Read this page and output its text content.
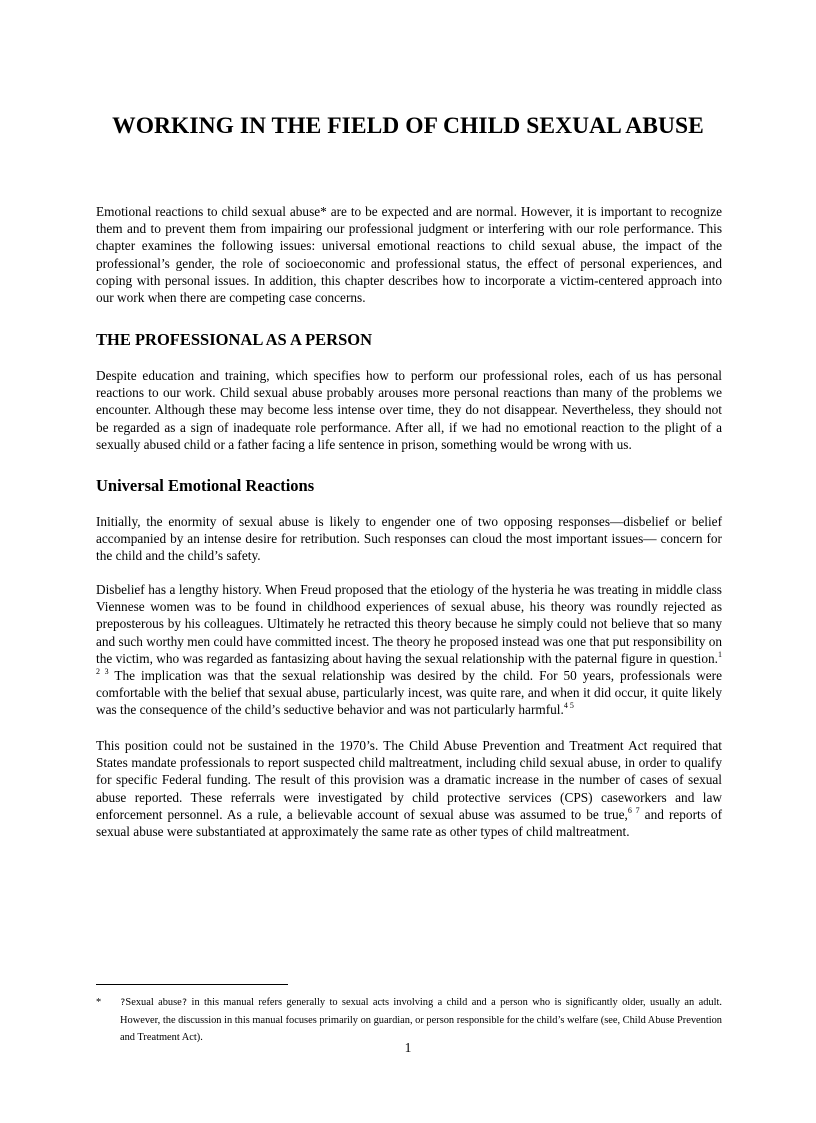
WORKING IN THE FIELD OF CHILD SEXUAL ABUSE

Emotional reactions to child sexual abuse* are to be expected and are normal. However, it is important to recognize them and to prevent them from impairing our professional judgment or interfering with our role performance. This chapter examines the following issues: universal emotional reactions to child sexual abuse, the impact of the professional’s gender, the role of socioeconomic and professional status, the effect of personal experiences, and coping with personal issues. In addition, this chapter describes how to incorporate a victim-centered approach into our work when there are competing case concerns.

THE PROFESSIONAL AS A PERSON

Despite education and training, which specifies how to perform our professional roles, each of us has personal reactions to our work. Child sexual abuse probably arouses more personal reactions than many of the problems we encounter. Although these may become less intense over time, they do not disappear. Nevertheless, they should not be regarded as a sign of inadequate role performance. After all, if we had no emotional reaction to the plight of a sexually abused child or a father facing a life sentence in prison, something would be wrong with us.

Universal Emotional Reactions

Initially, the enormity of sexual abuse is likely to engender one of two opposing responses—disbelief or belief accompanied by an intense desire for retribution. Such responses can cloud the most important issues— concern for the child and the child’s safety.

Disbelief has a lengthy history. When Freud proposed that the etiology of the hysteria he was treating in middle class Viennese women was to be found in childhood experiences of sexual abuse, his theory was roundly rejected as preposterous by his colleagues. Ultimately he retracted this theory because he simply could not believe that so many and such worthy men could have committed incest. The theory he proposed instead was one that put responsibility on the victim, who was regarded as fantasizing about having the sexual relationship with the paternal figure in question.$^{1 2 3}$ The implication was that the sexual relationship was desired by the child. For 50 years, professionals were comfortable with the belief that sexual abuse, particularly incest, was quite rare, and when it did occur, it quite likely was the consequence of the child’s seductive behavior and was not particularly harmful.$^{4 5}$

This position could not be sustained in the 1970’s. The Child Abuse Prevention and Treatment Act required that States mandate professionals to report suspected child maltreatment, including child sexual abuse, in order to qualify for specific Federal funding. The result of this provision was a dramatic increase in the number of cases of sexual abuse reported. These referrals were investigated by child protective services (CPS) caseworkers and law enforcement personnel. As a rule, a believable account of sexual abuse was assumed to be true,$^{6 7}$ and reports of sexual abuse were substantiated at approximately the same rate as other types of child maltreatment.

*	?Sexual abuse? in this manual refers generally to sexual acts involving a child and a person who is significantly older, usually an adult. However, the discussion in this manual focuses primarily on guardian, or person responsible for the child’s welfare (see, Child Abuse Prevention and Treatment Act).
1
